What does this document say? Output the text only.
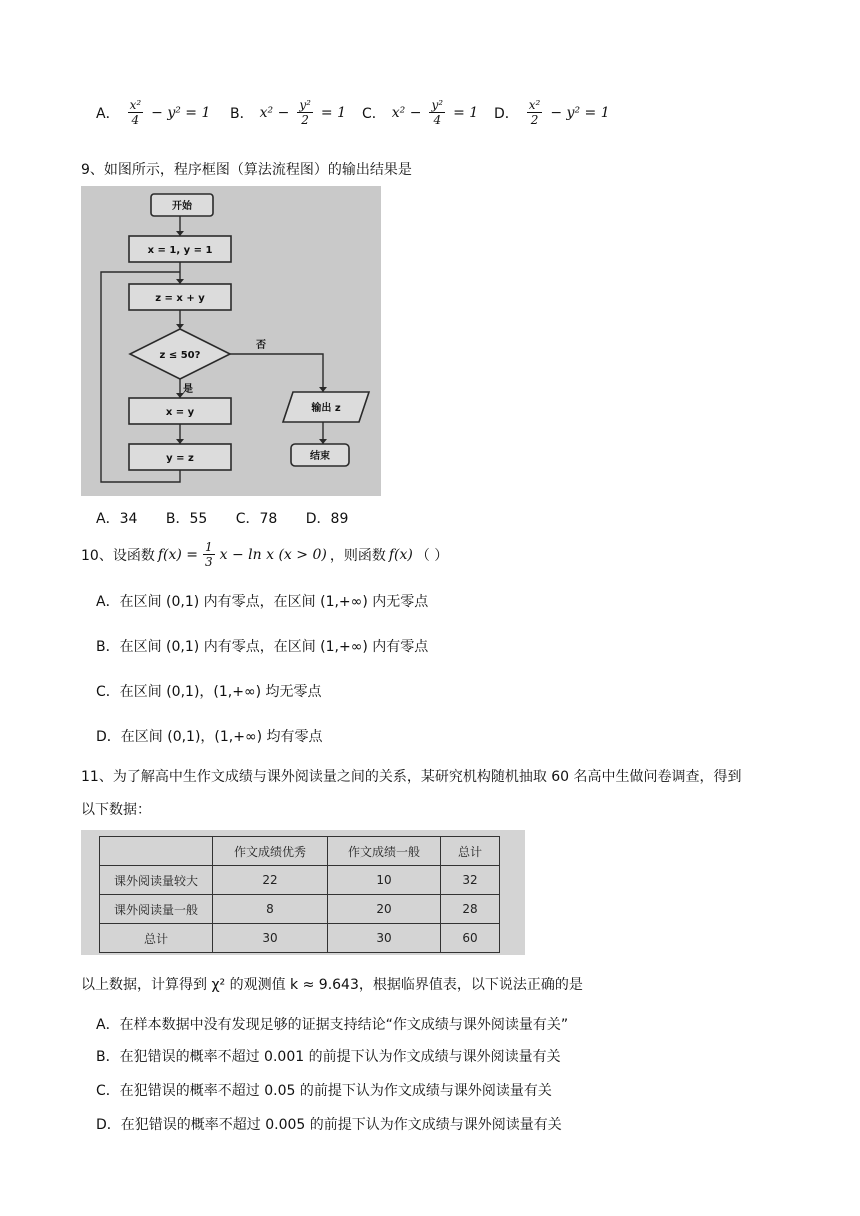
A． $\frac{\text{x²}}{4} - y^2 = 1$ B． $x^2 - \frac{\text{y²}}{2} = 1$ C． $x^2 - \frac{\text{y²}}{4} = 1$ D． $\frac{\text{x²}}{2} - y^2 = 1$
9、如图所示，程序框图（算法流程图）的输出结果是
开始
x = 1, y = 1
z = x + y
z ≤ 50?
否
是
x = y
y = z
输出 z
结束
A．34 B．55 C．78 D．89
10、设函数 $f(x) = \frac{1}{3}$ x − ln x (x > 0) ，则函数 f(x) （ ）
A．在区间 (0,1) 内有零点，在区间 (1,+∞) 内无零点
B．在区间 (0,1) 内有零点，在区间 (1,+∞) 内有零点
C．在区间 (0,1)，(1,+∞) 均无零点
D．在区间 (0,1)，(1,+∞) 均有零点
11、为了解高中生作文成绩与课外阅读量之间的关系，某研究机构随机抽取 60 名高中生做问卷调查，得到
以下数据：
	作文成绩优秀	作文成绩一般	总计
课外阅读量较大	22	10	32
课外阅读量一般	8	20	28
总计	30	30	60
以上数据，计算得到 χ² 的观测值 k ≈ 9.643，根据临界值表，以下说法正确的是
A．在样本数据中没有发现足够的证据支持结论“作文成绩与课外阅读量有关”
B．在犯错误的概率不超过 0.001 的前提下认为作文成绩与课外阅读量有关
C．在犯错误的概率不超过 0.05 的前提下认为作文成绩与课外阅读量有关
D．在犯错误的概率不超过 0.005 的前提下认为作文成绩与课外阅读量有关
